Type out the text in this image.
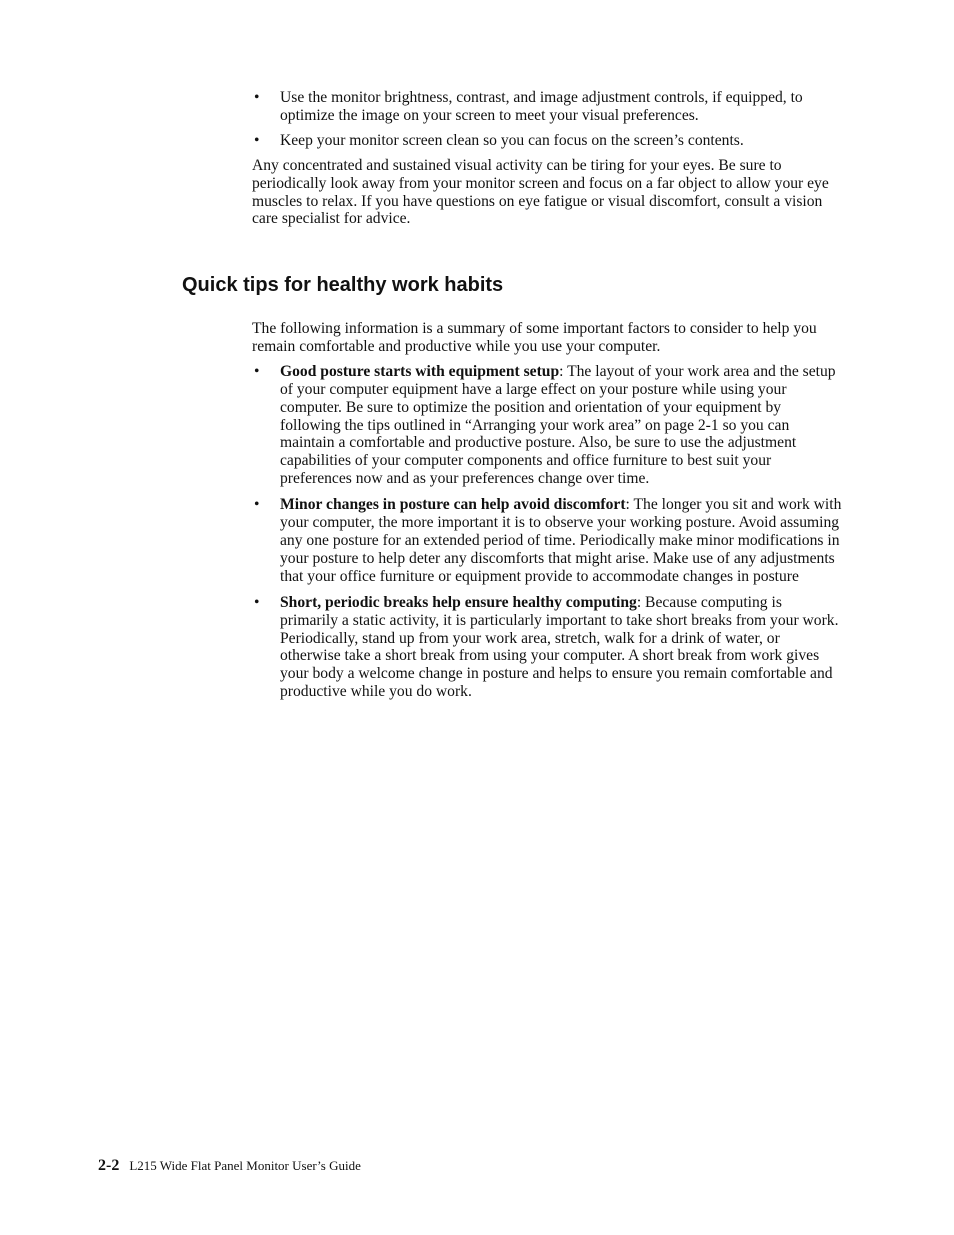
• Use the monitor brightness, contrast, and image adjustment controls, if equipped, to optimize the image on your screen to meet your visual preferences.
• Keep your monitor screen clean so you can focus on the screen’s contents.

Any concentrated and sustained visual activity can be tiring for your eyes. Be sure to periodically look away from your monitor screen and focus on a far object to allow your eye muscles to relax. If you have questions on eye fatigue or visual discomfort, consult a vision care specialist for advice.

Quick tips for healthy work habits

The following information is a summary of some important factors to consider to help you remain comfortable and productive while you use your computer.

• Good posture starts with equipment setup: The layout of your work area and the setup of your computer equipment have a large effect on your posture while using your computer. Be sure to optimize the position and orientation of your equipment by following the tips outlined in “Arranging your work area” on page 2-1 so you can maintain a comfortable and productive posture. Also, be sure to use the adjustment capabilities of your computer components and office furniture to best suit your preferences now and as your preferences change over time.
• Minor changes in posture can help avoid discomfort: The longer you sit and work with your computer, the more important it is to observe your working posture. Avoid assuming any one posture for an extended period of time. Periodically make minor modifications in your posture to help deter any discomforts that might arise. Make use of any adjustments that your office furniture or equipment provide to accommodate changes in posture
• Short, periodic breaks help ensure healthy computing: Because computing is primarily a static activity, it is particularly important to take short breaks from your work. Periodically, stand up from your work area, stretch, walk for a drink of water, or otherwise take a short break from using your computer. A short break from work gives your body a welcome change in posture and helps to ensure you remain comfortable and productive while you do work.
2-2 L215 Wide Flat Panel Monitor User’s Guide
